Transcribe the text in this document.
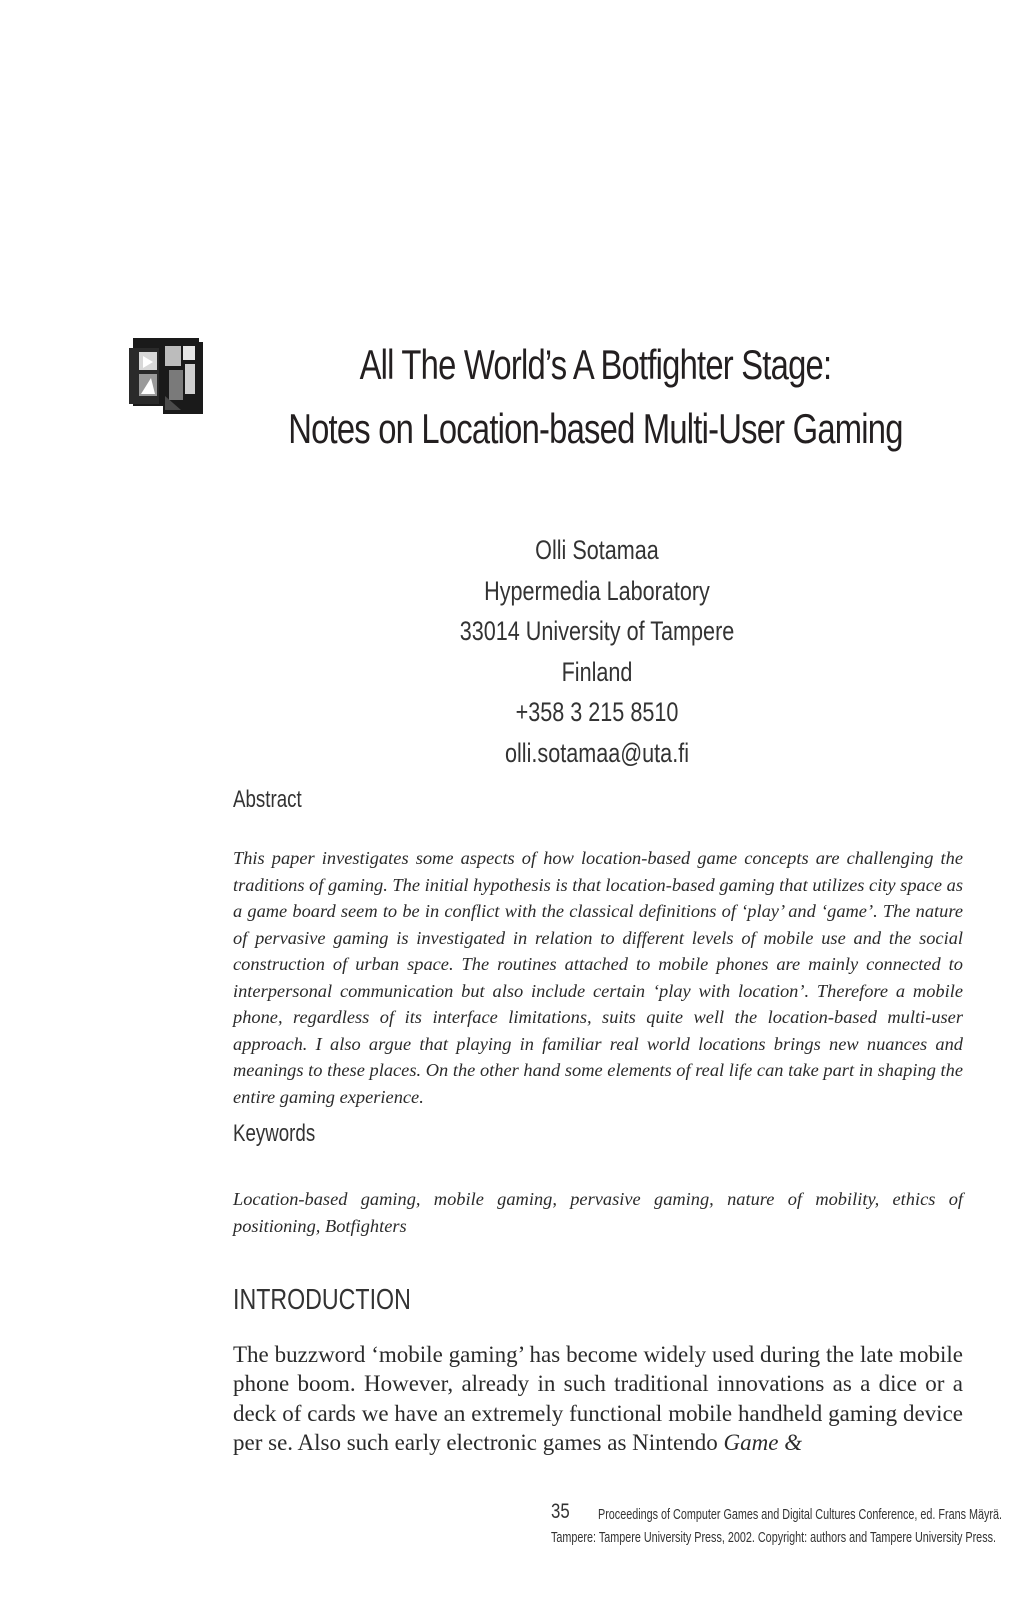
All The World’s A Botfighter Stage:
Notes on Location-based Multi-User Gaming
Olli Sotamaa
Hypermedia Laboratory
33014 University of Tampere
Finland
+358 3 215 8510
olli.sotamaa@uta.fi
Abstract
This paper investigates some aspects of how location-based game concepts are challenging the traditions of gaming. The initial hypothesis is that location-based gaming that utilizes city space as a game board seem to be in conflict with the classical definitions of ‘play’ and ‘game’. The nature of pervasive gaming is investigated in relation to different levels of mobile use and the social construction of urban space. The routines attached to mobile phones are mainly connected to interpersonal communication but also include certain ‘play with location’. Therefore a mobile phone, regardless of its interface limitations, suits quite well the location-based multi-user approach. I also argue that playing in familiar real world locations brings new nuances and meanings to these places. On the other hand some elements of real life can take part in shaping the entire gaming experience.
Keywords
Location-based gaming, mobile gaming, pervasive gaming, nature of mobility, ethics of positioning, Botfighters
INTRODUCTION
The buzzword ‘mobile gaming’ has become widely used during the late mobile phone boom. However, already in such traditional innovations as a dice or a deck of cards we have an extremely functional mobile handheld gaming device per se. Also such early electronic games as Nintendo Game &
35 Proceedings of Computer Games and Digital Cultures Conference, ed. Frans Mäyrä.
Tampere: Tampere University Press, 2002. Copyright: authors and Tampere University Press.
